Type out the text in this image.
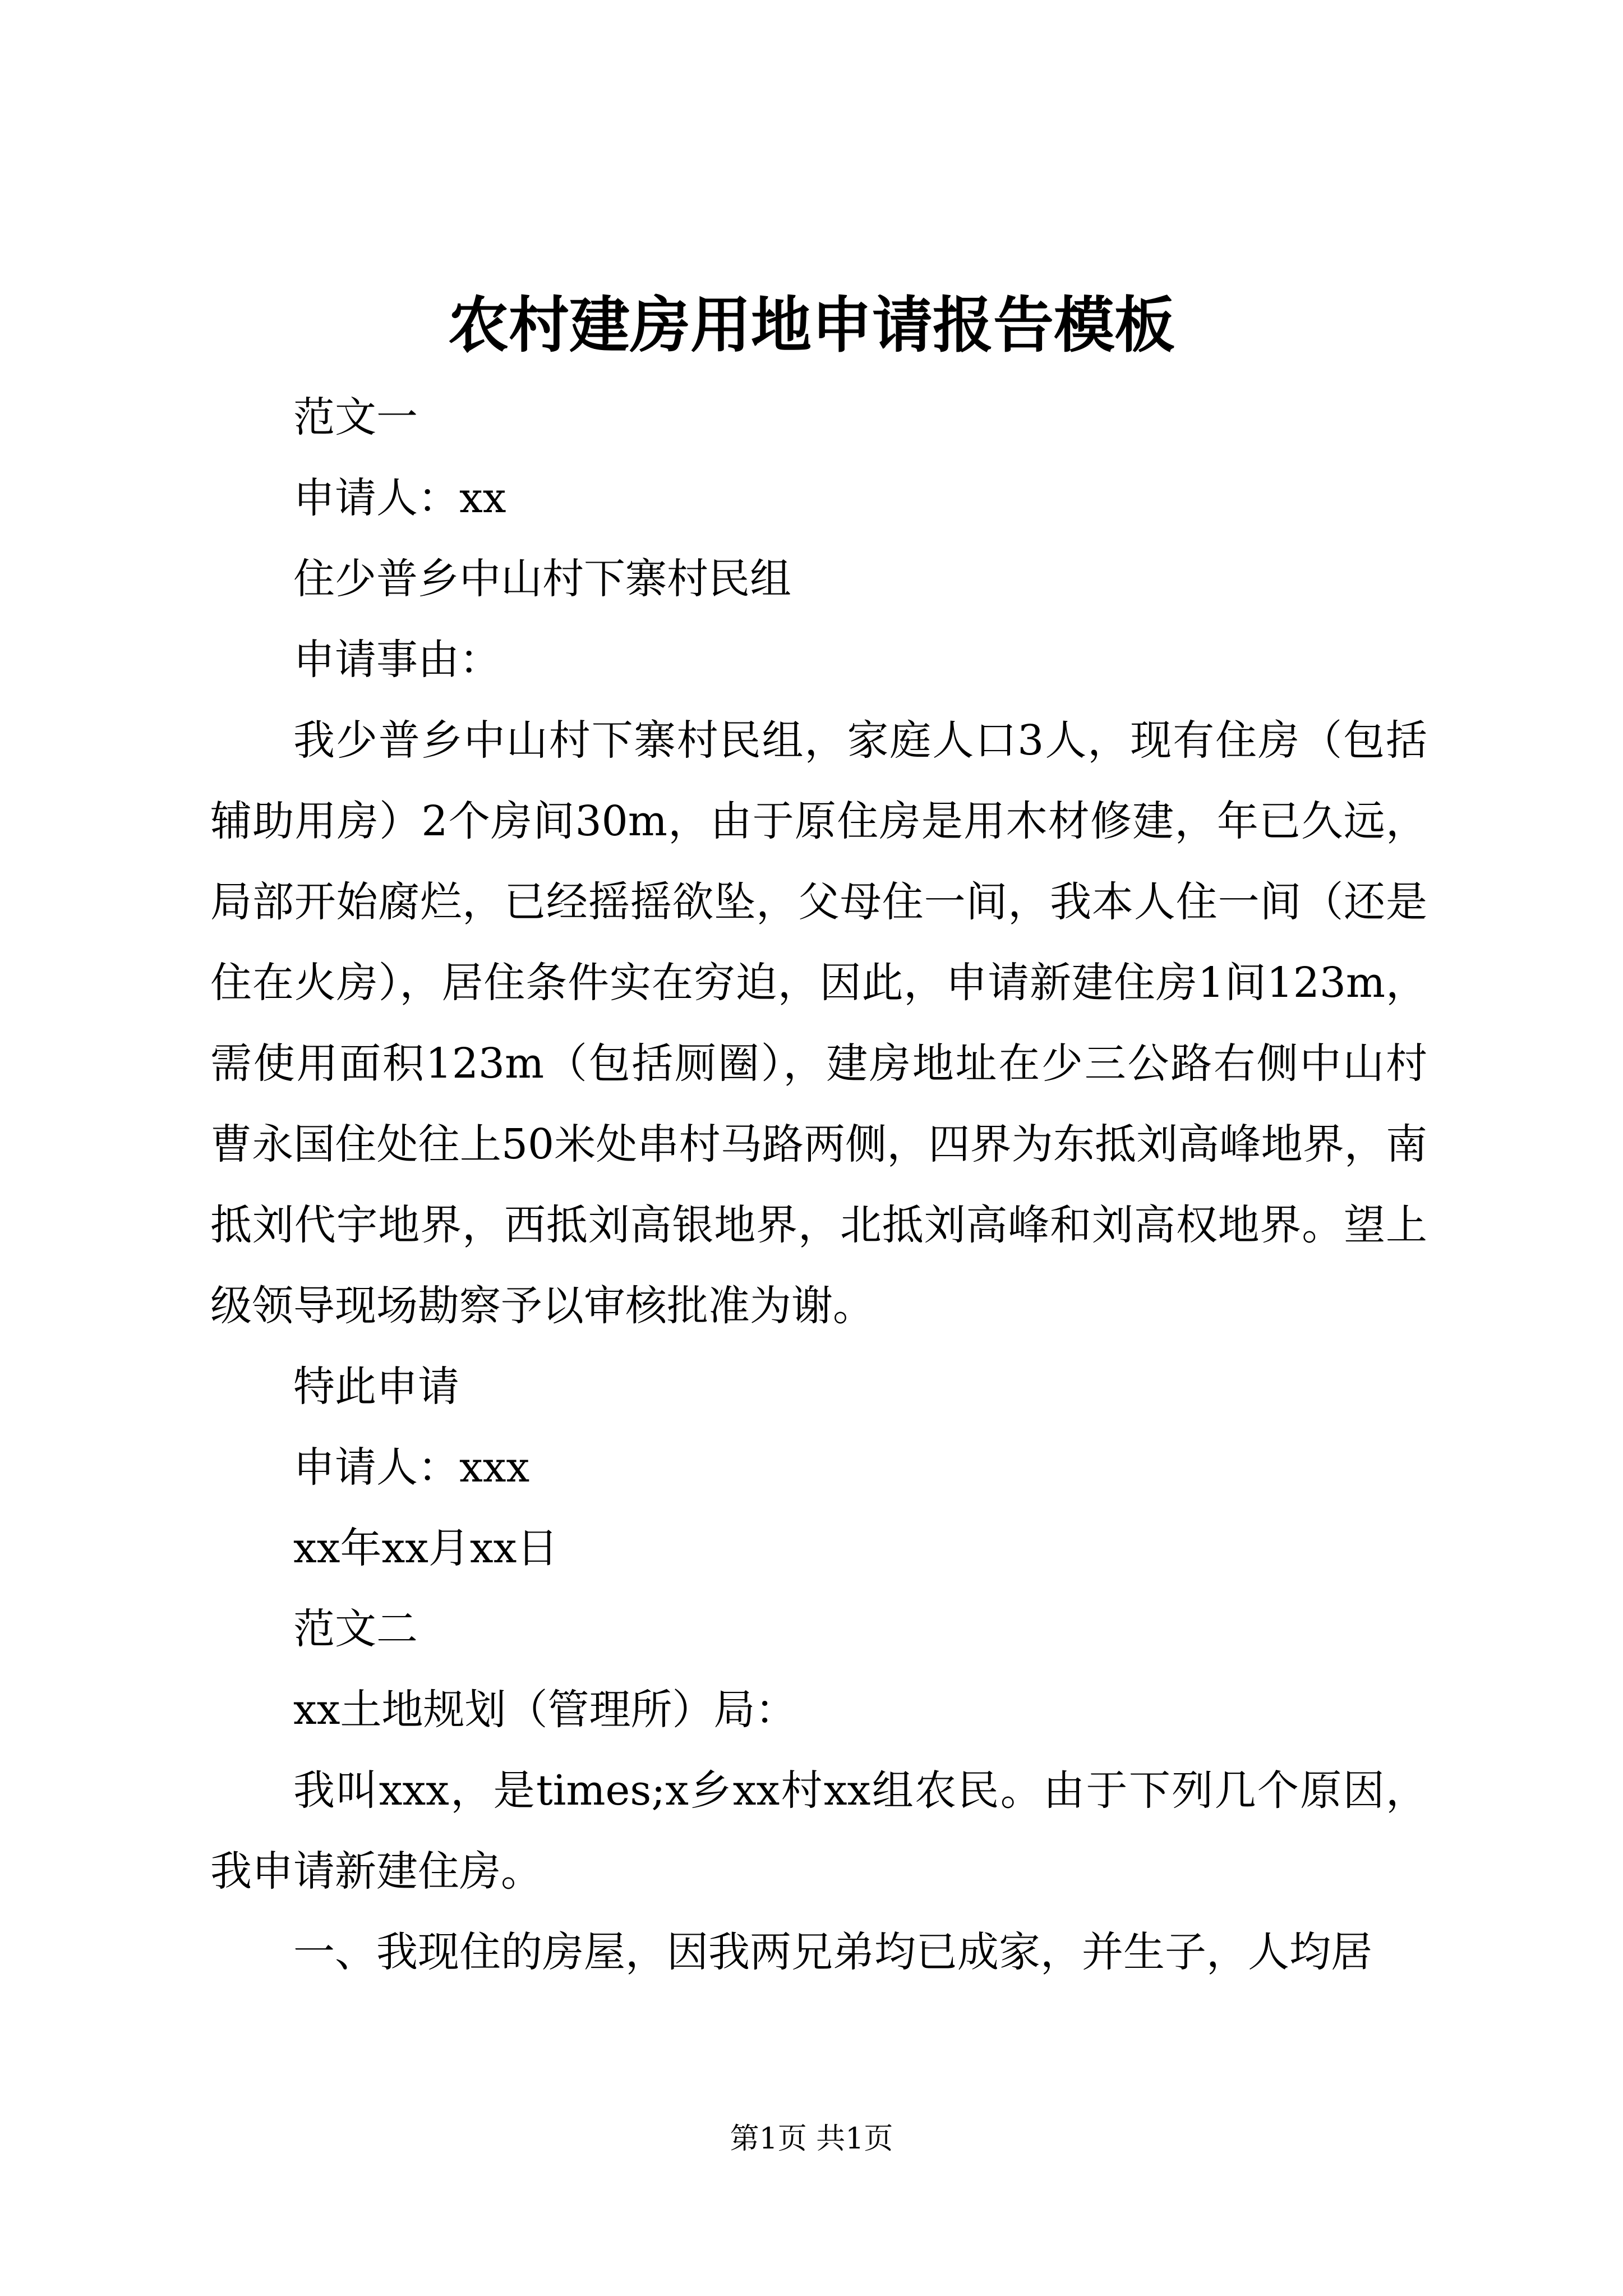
农村建房用地申请报告模板

范文一

申请人：xx

住少普乡中山村下寨村民组

申请事由：

我少普乡中山村下寨村民组，家庭人口3人，现有住房（包括辅助用房）2个房间30m，由于原住房是用木材修建，年已久远，局部开始腐烂，已经摇摇欲坠，父母住一间，我本人住一间（还是住在火房），居住条件实在穷迫，因此，申请新建住房1间123m，需使用面积123m（包括厕圈），建房地址在少三公路右侧中山村曹永国住处往上50米处串村马路两侧，四界为东抵刘高峰地界，南抵刘代宇地界，西抵刘高银地界，北抵刘高峰和刘高权地界。望上级领导现场勘察予以审核批准为谢。

特此申请

申请人：xxx

xx年xx月xx日

范文二

xx土地规划（管理所）局：

我叫xxx，是times;x乡xx村xx组农民。由于下列几个原因，我申请新建住房。

一、我现住的房屋，因我两兄弟均已成家，并生子，人均居

第1页 共1页
